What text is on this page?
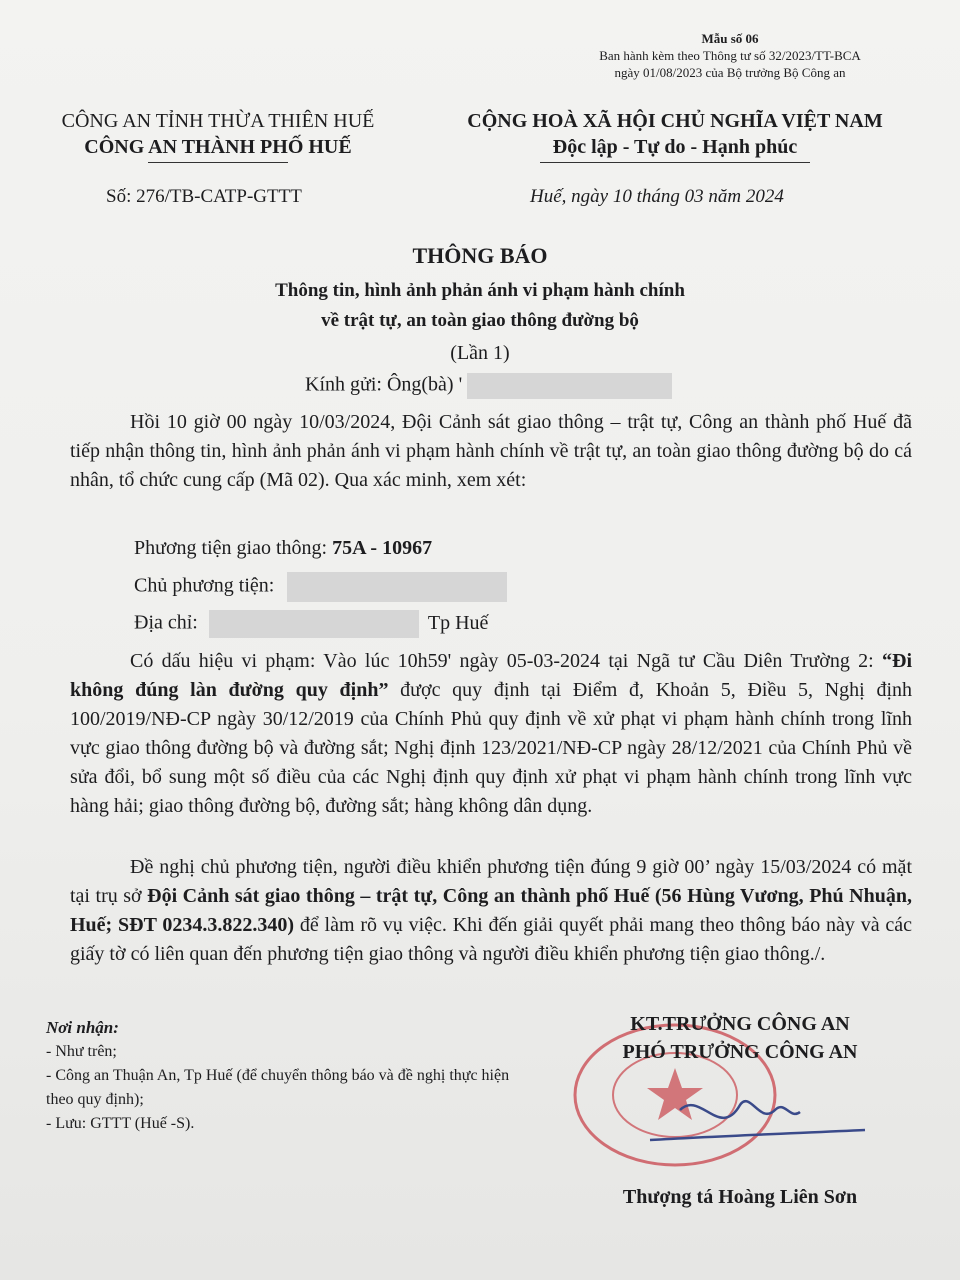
Mẫu số 06
Ban hành kèm theo Thông tư số 32/2023/TT-BCA
ngày 01/08/2023 của Bộ trưởng Bộ Công an
CÔNG AN TỈNH THỪA THIÊN HUẾ
CÔNG AN THÀNH PHỐ HUẾ
CỘNG HOÀ XÃ HỘI CHỦ NGHĨA VIỆT NAM
Độc lập - Tự do - Hạnh phúc
Số: 276/TB-CATP-GTTT	Huế, ngày 10 tháng 03 năm 2024
THÔNG BÁO
Thông tin, hình ảnh phản ánh vi phạm hành chính
về trật tự, an toàn giao thông đường bộ
(Lần 1)
Kính gửi: Ông(bà) '
Hồi 10 giờ 00 ngày 10/03/2024, Đội Cảnh sát giao thông – trật tự, Công an thành phố Huế đã tiếp nhận thông tin, hình ảnh phản ánh vi phạm hành chính về trật tự, an toàn giao thông đường bộ do cá nhân, tổ chức cung cấp (Mã 02). Qua xác minh, xem xét:
Phương tiện giao thông: 75A - 10967
Chủ phương tiện:
Địa chỉ:	Tp Huế
Có dấu hiệu vi phạm: Vào lúc 10h59' ngày 05-03-2024 tại Ngã tư Cầu Diên Trường 2: “Đi không đúng làn đường quy định” được quy định tại Điểm đ, Khoản 5, Điều 5, Nghị định 100/2019/NĐ-CP ngày 30/12/2019 của Chính Phủ quy định về xử phạt vi phạm hành chính trong lĩnh vực giao thông đường bộ và đường sắt; Nghị định 123/2021/NĐ-CP ngày 28/12/2021 của Chính Phủ về sửa đổi, bổ sung một số điều của các Nghị định quy định xử phạt vi phạm hành chính trong lĩnh vực hàng hải; giao thông đường bộ, đường sắt; hàng không dân dụng.
Đề nghị chủ phương tiện, người điều khiển phương tiện đúng 9 giờ 00’ ngày 15/03/2024 có mặt tại trụ sở Đội Cảnh sát giao thông – trật tự, Công an thành phố Huế (56 Hùng Vương, Phú Nhuận, Huế; SĐT 0234.3.822.340) để làm rõ vụ việc. Khi đến giải quyết phải mang theo thông báo này và các giấy tờ có liên quan đến phương tiện giao thông và người điều khiển phương tiện giao thông./.
Nơi nhận:
- Như trên;
- Công an Thuận An, Tp Huế (để chuyển thông báo và đề nghị thực hiện theo quy định);
- Lưu: GTTT (Huế -S).
KT.TRƯỞNG CÔNG AN
PHÓ TRƯỞNG CÔNG AN
Thượng tá Hoàng Liên Sơn
